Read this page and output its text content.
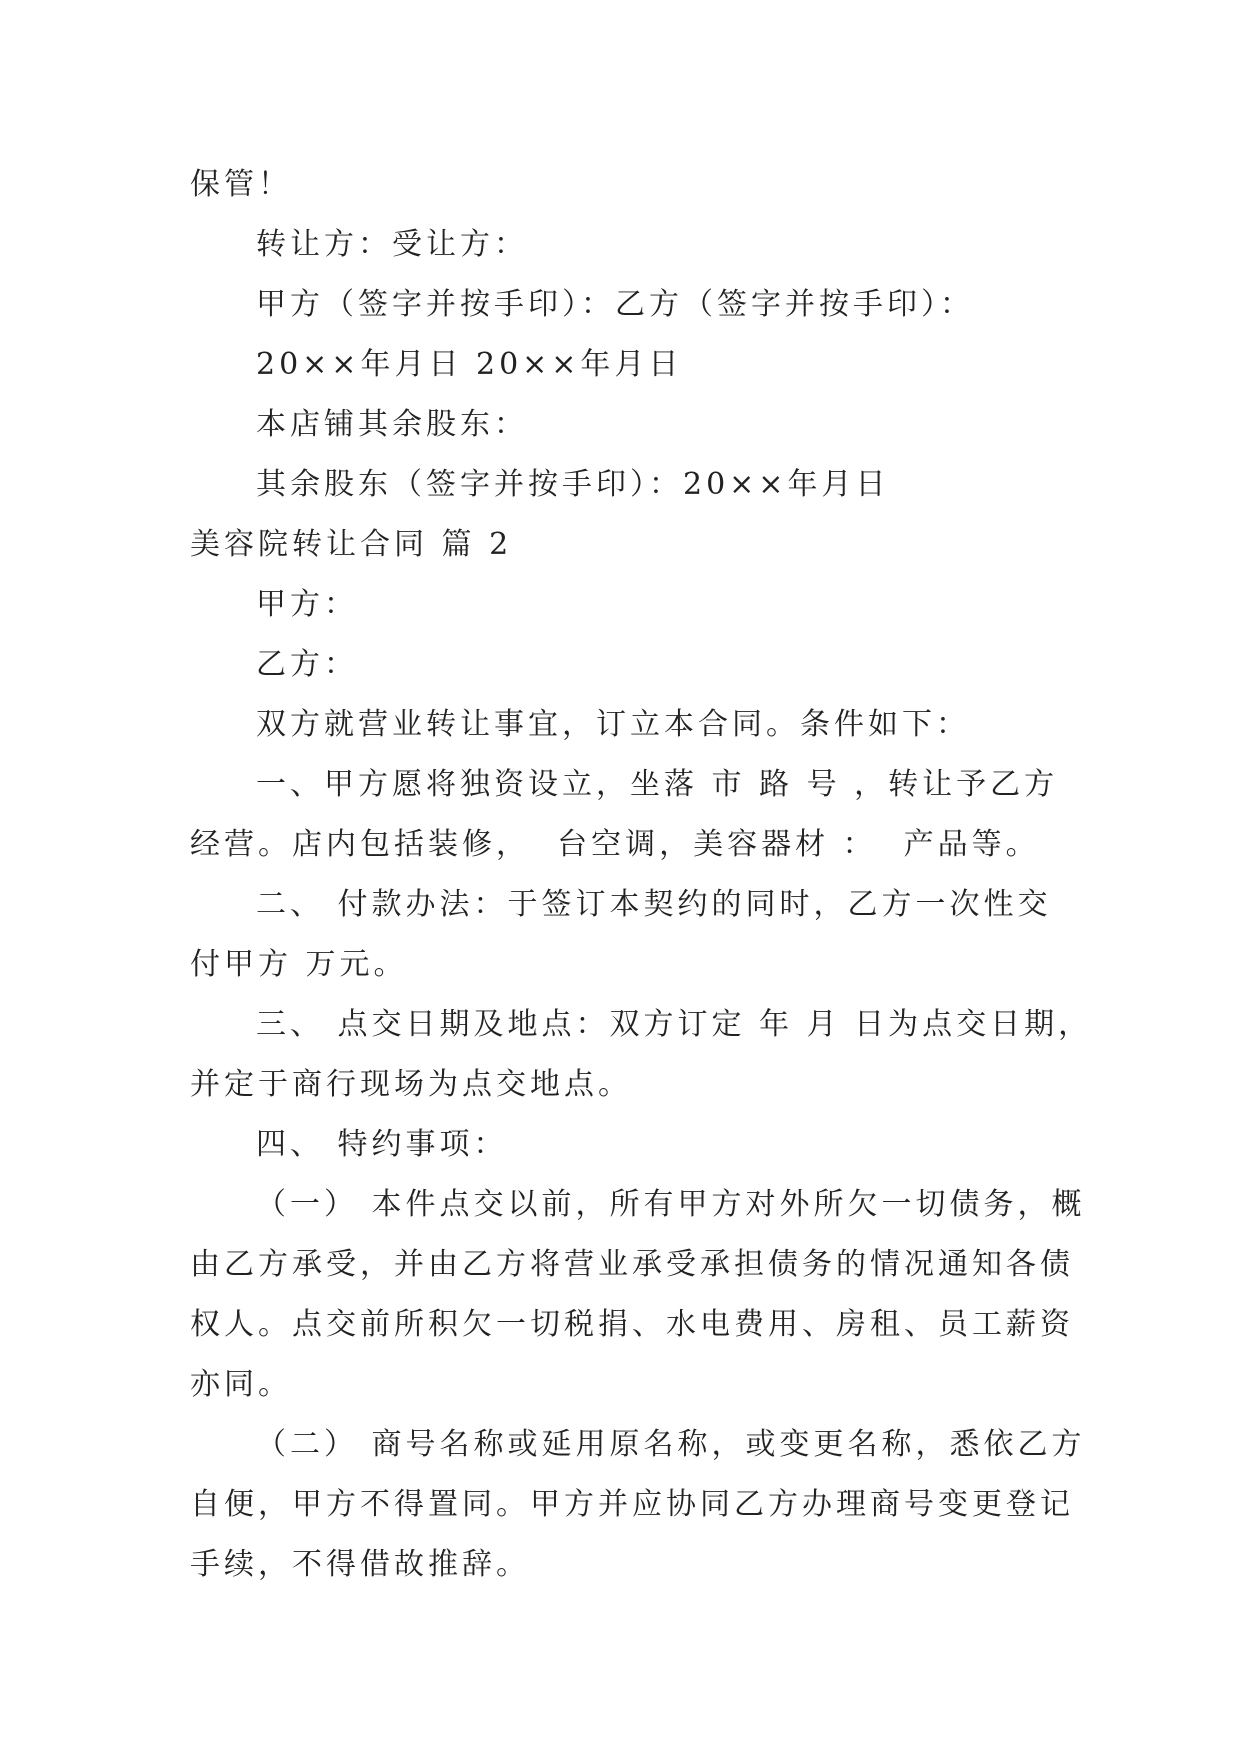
保管！
转让方：受让方：
甲方（签字并按手印）：乙方（签字并按手印）：
20××年月日 20××年月日
本店铺其余股东：
其余股东（签字并按手印）：20××年月日
美容院转让合同 篇 2
甲方：
乙方：
双方就营业转让事宜，订立本合同。条件如下：
一、甲方愿将独资设立，坐落 市 路 号 ，转让予乙方
经营。店内包括装修，  台空调，美容器材 ：  产品等。
二、 付款办法：于签订本契约的同时，乙方一次性交
付甲方 万元。
三、 点交日期及地点：双方订定 年 月 日为点交日期，
并定于商行现场为点交地点。
四、 特约事项：
（一） 本件点交以前，所有甲方对外所欠一切债务，概
由乙方承受，并由乙方将营业承受承担债务的情况通知各债
权人。点交前所积欠一切税捐、水电费用、房租、员工薪资
亦同。
（二） 商号名称或延用原名称，或变更名称，悉依乙方
自便，甲方不得置同。甲方并应协同乙方办理商号变更登记
手续，不得借故推辞。
